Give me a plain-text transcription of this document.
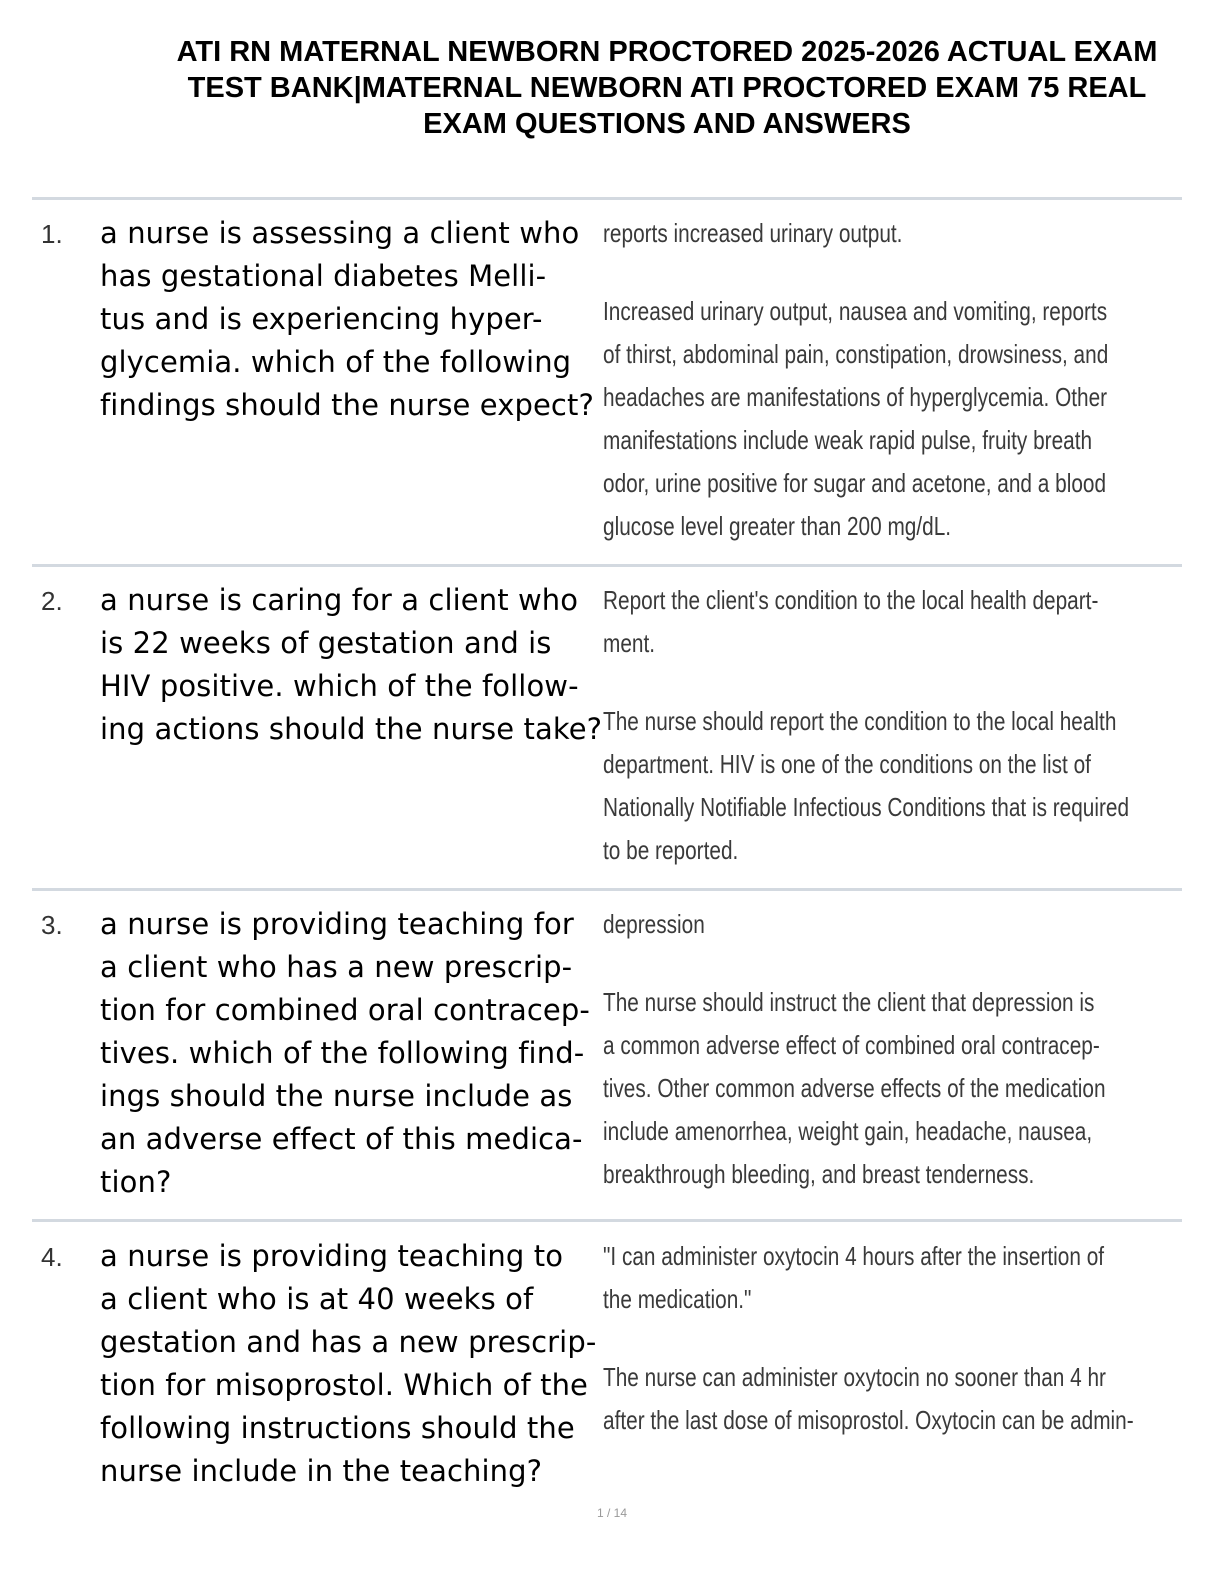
ATI RN MATERNAL NEWBORN PROCTORED 2025-2026 ACTUAL EXAM
TEST BANK|MATERNAL NEWBORN ATI PROCTORED EXAM 75 REAL
EXAM QUESTIONS AND ANSWERS
1. a nurse is assessing a client who
has gestational diabetes Melli-
tus and is experiencing hyper-
glycemia. which of the following
findings should the nurse expect?
reports increased urinary output.
Increased urinary output, nausea and vomiting, reports
of thirst, abdominal pain, constipation, drowsiness, and
headaches are manifestations of hyperglycemia. Other
manifestations include weak rapid pulse, fruity breath
odor, urine positive for sugar and acetone, and a blood
glucose level greater than 200 mg/dL.
2. a nurse is caring for a client who
is 22 weeks of gestation and is
HIV positive. which of the follow-
ing actions should the nurse take?
Report the client's condition to the local health depart-
ment.
The nurse should report the condition to the local health
department. HIV is one of the conditions on the list of
Nationally Notifiable Infectious Conditions that is required
to be reported.
3. a nurse is providing teaching for
a client who has a new prescrip-
tion for combined oral contracep-
tives. which of the following find-
ings should the nurse include as
an adverse effect of this medica-
tion?
depression
The nurse should instruct the client that depression is
a common adverse effect of combined oral contracep-
tives. Other common adverse effects of the medication
include amenorrhea, weight gain, headache, nausea,
breakthrough bleeding, and breast tenderness.
4. a nurse is providing teaching to
a client who is at 40 weeks of
gestation and has a new prescrip-
tion for misoprostol. Which of the
following instructions should the
nurse include in the teaching?
"I can administer oxytocin 4 hours after the insertion of
the medication."
The nurse can administer oxytocin no sooner than 4 hr
after the last dose of misoprostol. Oxytocin can be admin-
1 / 14
